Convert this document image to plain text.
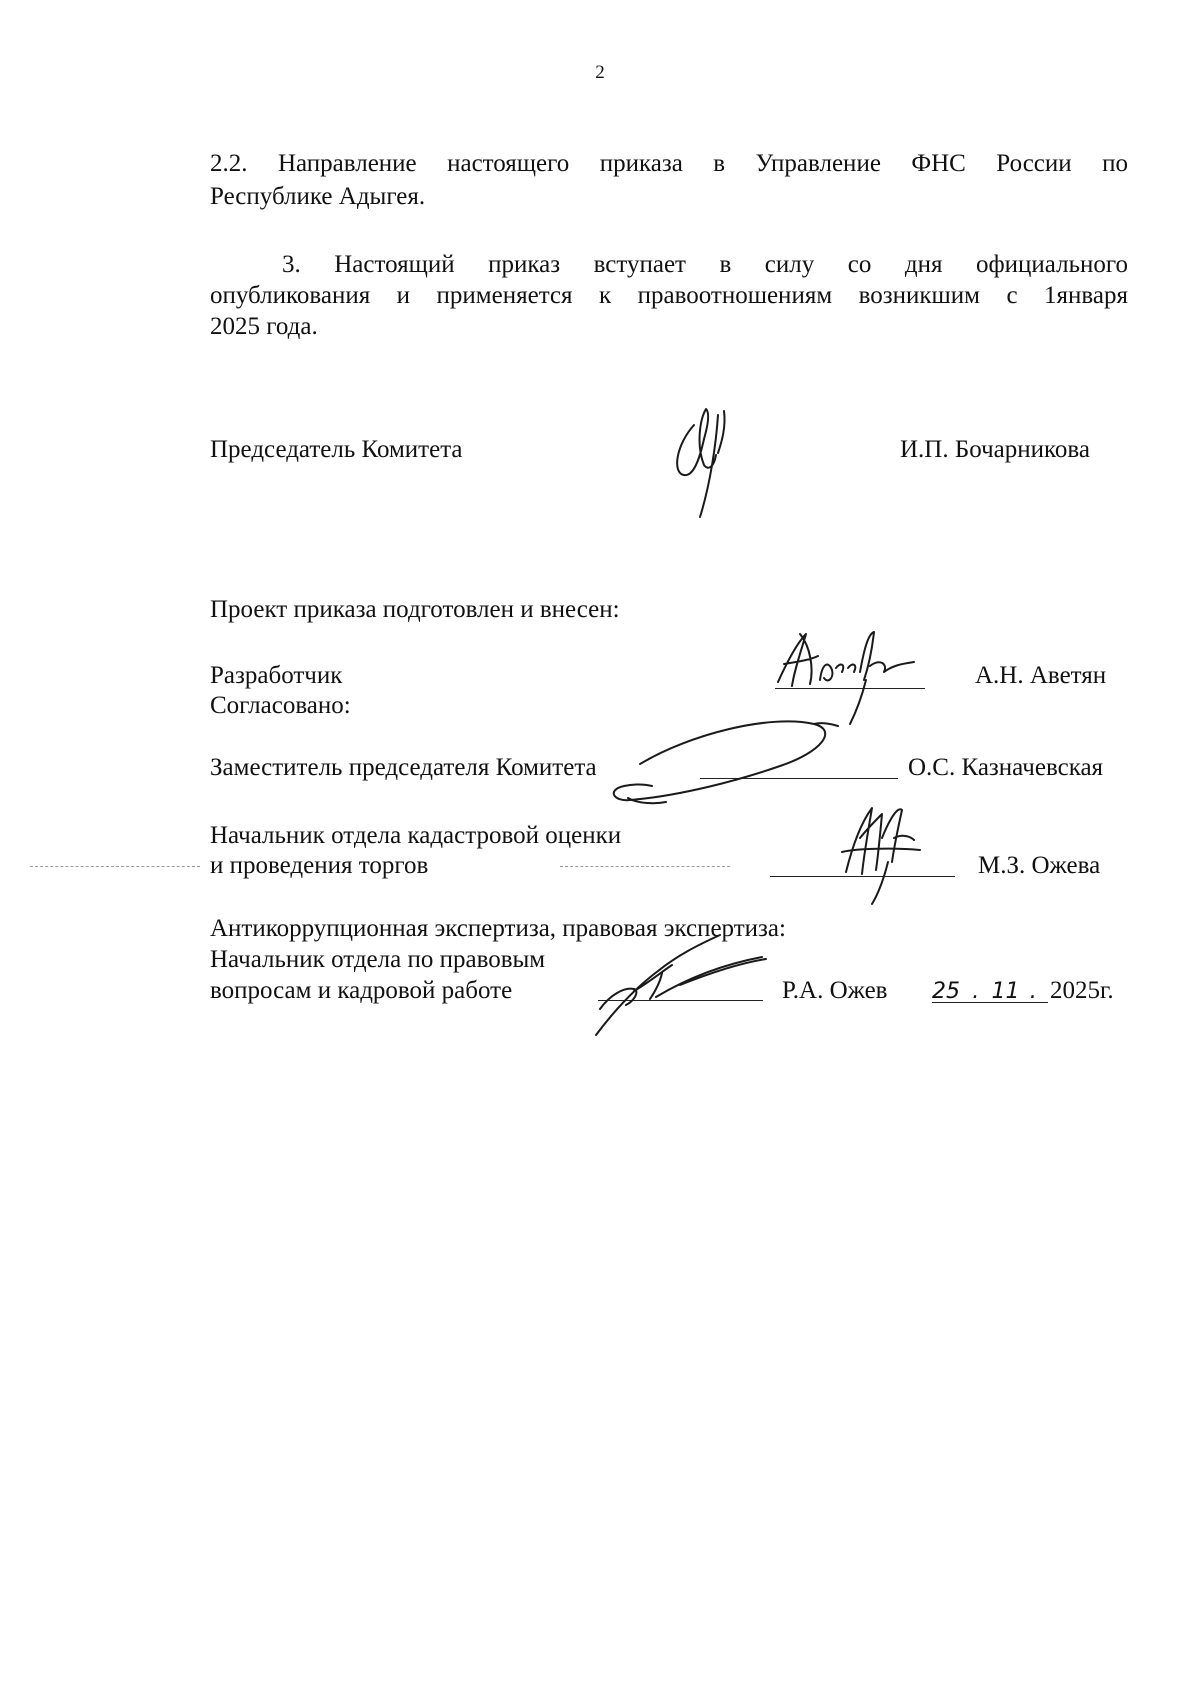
2
2.2. Направление настоящего приказа в Управление ФНС России по
Республике Адыгея.
3. Настоящий приказ вступает в силу со дня официального
опубликования и применяется к правоотношениям возникшим с 1января
2025 года.
Председатель Комитета	И.П. Бочарникова
Проект приказа подготовлен и внесен:
Разработчик	А.Н. Аветян
Согласовано:
Заместитель председателя Комитета	О.С. Казначевская
Начальник отдела кадастровой оценки
и проведения торгов	М.З. Ожева
Антикоррупционная экспертиза, правовая экспертиза:
Начальник отдела по правовым
вопросам и кадровой работе	Р.А. Ожев 25 . 11 . 2025г.
